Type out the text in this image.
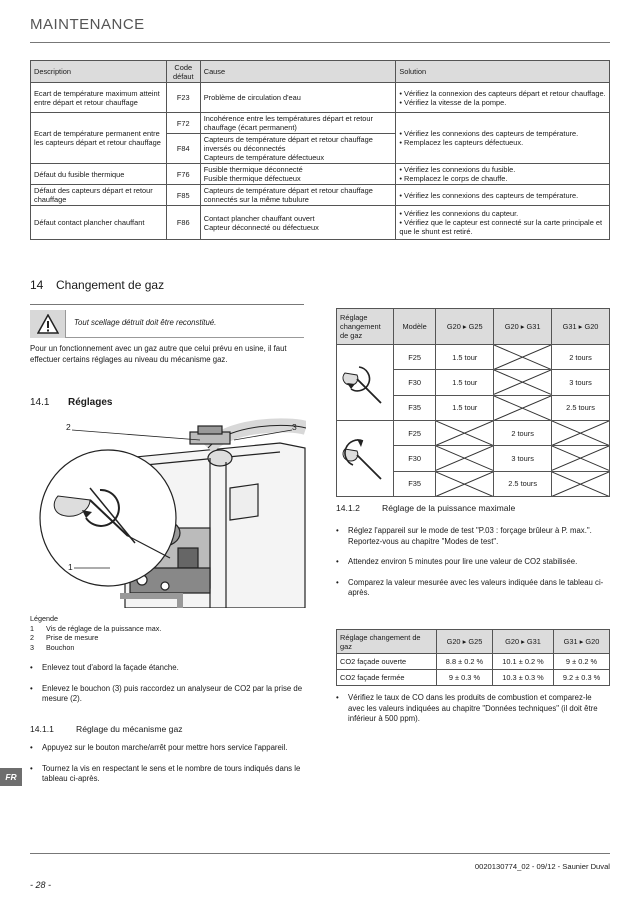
MAINTENANCE
Description	Code défaut	Cause	Solution
Ecart de température maximum atteint entre départ et retour chauffage	F23	Problème de circulation d'eau	• Vérifiez la connexion des capteurs départ et retour chauffage.
• Vérifiez la vitesse de la pompe.
Ecart de température permanent entre les capteurs départ et retour chauffage	F72	Incohérence entre les températures départ et retour chauffage (écart permanent)	• Vérifiez les connexions des capteurs de température.
• Remplacez les capteurs défectueux.
	F84	Capteurs de température départ et retour chauffage inversés ou déconnectés
Capteurs de température défectueux	
Défaut du fusible thermique	F76	Fusible thermique déconnecté
Fusible thermique défectueux	• Vérifiez les connexions du fusible.
• Remplacez le corps de chauffe.
Défaut des capteurs départ et retour chauffage	F85	Capteurs de température départ et retour chauffage connectés sur la même tubulure	• Vérifiez les connexions des capteurs de température.
Défaut contact plancher chauffant	F86	Contact plancher chauffant ouvert
Capteur déconnecté ou défectueux	• Vérifiez les connexions du capteur.
• Vérifiez que le capteur est connecté sur la carte principale et que le shunt est retiré.
14 Changement de gaz
Tout scellage détruit doit être reconstitué.
Pour un fonctionnement avec un gaz autre que celui prévu en usine, il faut effectuer certains réglages au niveau du mécanisme gaz.
14.1 Réglages
2	3
1
Légende
1 Vis de réglage de la puissance max.
2 Prise de mesure
3 Bouchon
• Enlevez tout d'abord la façade étanche.
• Enlevez le bouchon (3) puis raccordez un analyseur de CO2 par la prise de mesure (2).
14.1.1	Réglage du mécanisme gaz
• Appuyez sur le bouton marche/arrêt pour mettre hors service l'appareil.
• Tournez la vis en respectant le sens et le nombre de tours indiqués dans le tableau ci-après.
FR
Réglage changement de gaz	Modèle	G20 ▸ G25	G20 ▸ G31	G31 ▸ G20
	F25	1.5 tour		2 tours
	F30	1.5 tour		3 tours
	F35	1.5 tour		2.5 tours
	F25		2 tours	

	F30		3 tours	

	F35		2.5 tours	
14.1.2	Réglage de la puissance maximale
• Réglez l'appareil sur le mode de test "P.03 : forçage brûleur à P. max.". Reportez-vous au chapitre "Modes de test".
• Attendez environ 5 minutes pour lire une valeur de CO2 stabilisée.
• Comparez la valeur mesurée avec les valeurs indiquée dans le tableau ci-après.
Réglage changement de gaz	G20 ▸ G25	G20 ▸ G31	G31 ▸ G20
CO2 façade ouverte	8.8 ± 0.2 %	10.1 ± 0.2 %	9 ± 0.2 %
CO2 façade fermée	9 ± 0.3 %	10.3 ± 0.3 %	9.2 ± 0.3 %
• Vérifiez le taux de CO dans les produits de combustion et comparez-le avec les valeurs indiquées au chapitre "Données techniques" (il doit être inférieur à 500 ppm).
0020130774_02 - 09/12 - Saunier Duval
- 28 -
